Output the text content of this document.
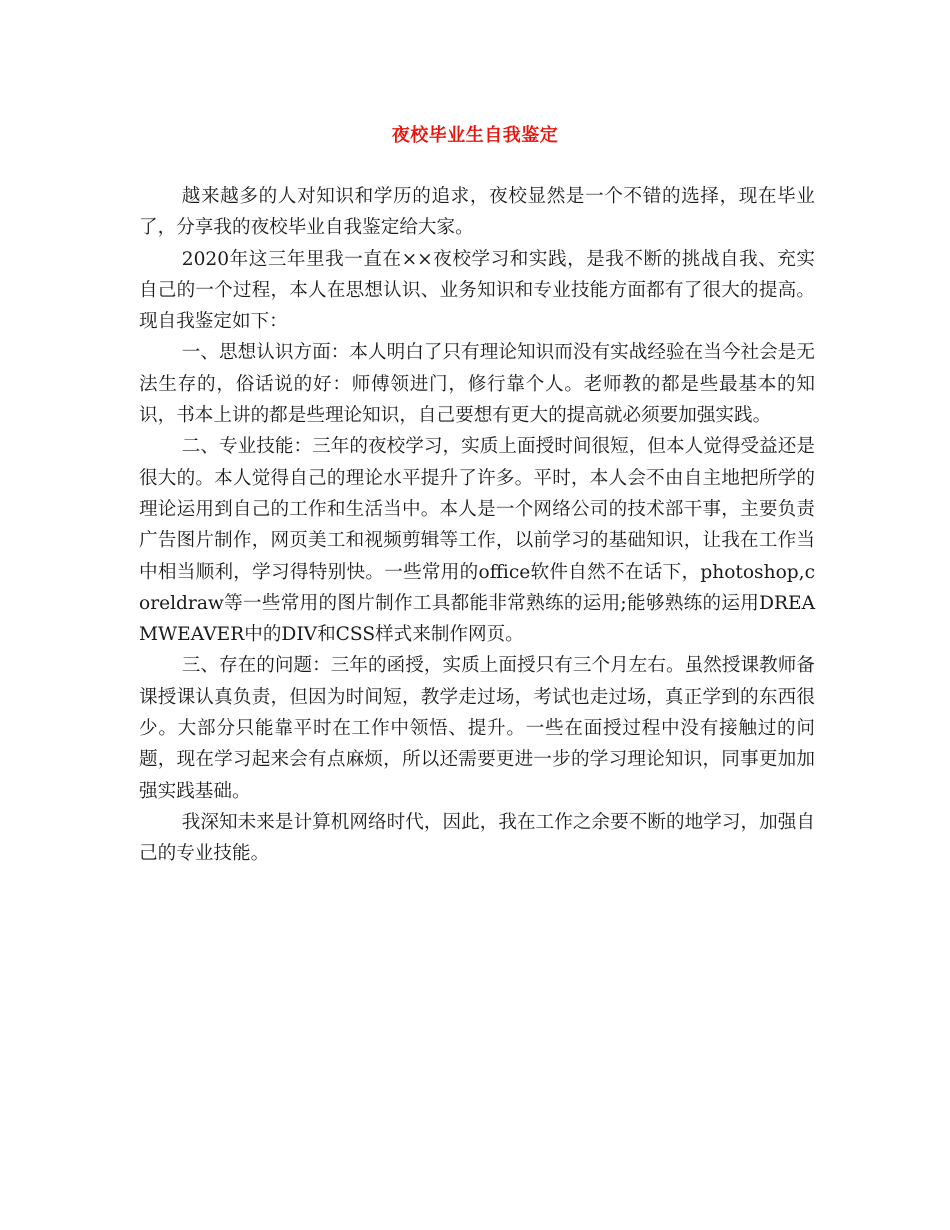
夜校毕业生自我鉴定

越来越多的人对知识和学历的追求，夜校显然是一个不错的选择，现在毕业了，分享我的夜校毕业自我鉴定给大家。

2020年这三年里我一直在××夜校学习和实践，是我不断的挑战自我、充实自己的一个过程，本人在思想认识、业务知识和专业技能方面都有了很大的提高。现自我鉴定如下：

一、思想认识方面：本人明白了只有理论知识而没有实战经验在当今社会是无法生存的，俗话说的好：师傅领进门，修行靠个人。老师教的都是些最基本的知识，书本上讲的都是些理论知识，自己要想有更大的提高就必须要加强实践。

二、专业技能：三年的夜校学习，实质上面授时间很短，但本人觉得受益还是很大的。本人觉得自己的理论水平提升了许多。平时，本人会不由自主地把所学的理论运用到自己的工作和生活当中。本人是一个网络公司的技术部干事，主要负责广告图片制作，网页美工和视频剪辑等工作，以前学习的基础知识，让我在工作当中相当顺利，学习得特别快。一些常用的office软件自然不在话下，photoshop,coreldraw等一些常用的图片制作工具都能非常熟练的运用;能够熟练的运用DREAMWEAVER中的DIV和CSS样式来制作网页。

三、存在的问题：三年的函授，实质上面授只有三个月左右。虽然授课教师备课授课认真负责，但因为时间短，教学走过场，考试也走过场，真正学到的东西很少。大部分只能靠平时在工作中领悟、提升。一些在面授过程中没有接触过的问题，现在学习起来会有点麻烦，所以还需要更进一步的学习理论知识，同事更加加强实践基础。

我深知未来是计算机网络时代，因此，我在工作之余要不断的地学习，加强自己的专业技能。
